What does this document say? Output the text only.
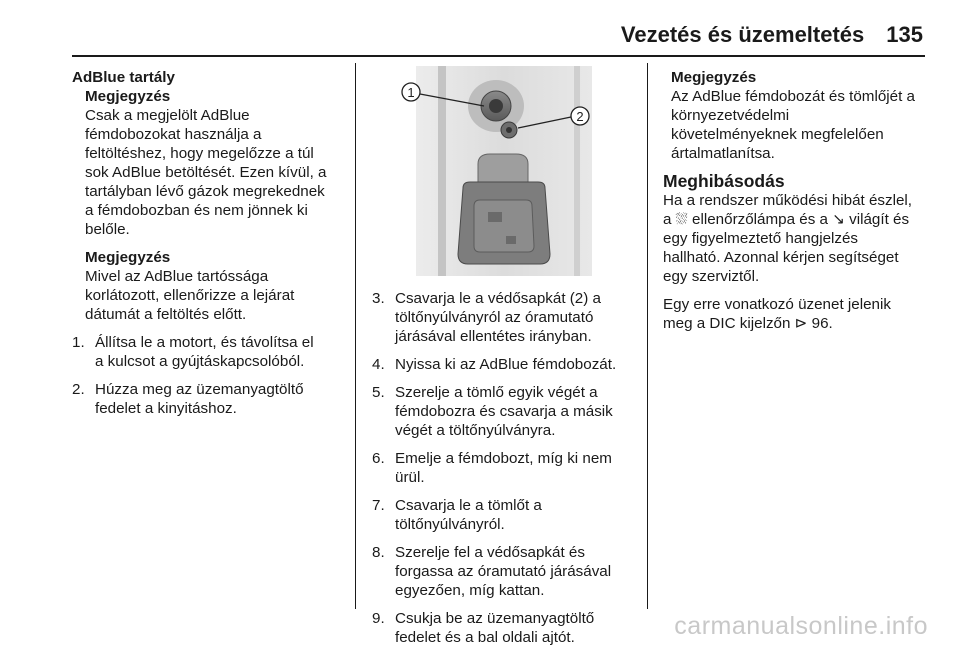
Vezetés és üzemeltetés 135

AdBlue tartály

Megjegyzés

Csak a megjelölt AdBlue

fémdobozokat használja a

feltöltéshez, hogy megelőzze a túl

sok AdBlue betöltését. Ezen kívül, a

tartályban lévő gázok megrekednek

a fémdobozban és nem jönnek ki

belőle.

Megjegyzés

Mivel az AdBlue tartóssága

korlátozott, ellenőrizze a lejárat

dátumát a feltöltés előtt.

1. Állítsa le a motort, és távolítsa el

a kulcsot a gyújtáskapcsolóból.

2. Húzza meg az üzemanyagtöltő

fedelet a kinyitáshoz.

1
2
3. Csavarja le a védősapkát (2) a

töltőnyúlványról az óramutató

járásával ellentétes irányban.

4. Nyissa ki az AdBlue fémdobozát.

5. Szerelje a tömlő egyik végét a

fémdobozra és csavarja a másik

végét a töltőnyúlványra.

6. Emelje a fémdobozt, míg ki nem

ürül.

7. Csavarja le a tömlőt a

töltőnyúlványról.

8. Szerelje fel a védősapkát és

forgassa az óramutató járásával

egyezően, míg kattan.

9. Csukja be az üzemanyagtöltő

fedelet és a bal oldali ajtót.

Megjegyzés

Az AdBlue fémdobozát és tömlőjét a

környezetvédelmi

követelményeknek megfelelően

ártalmatlanítsa.

Meghibásodás

Ha a rendszer működési hibát észlel,

a ⛆ ellenőrzőlámpa és a ↘ világít és

egy figyelmeztető hangjelzés

hallható. Azonnal kérjen segítséget

egy szerviztől.

Egy erre vonatkozó üzenet jelenik

meg a DIC kijelzőn ⊳ 96.

carmanualsonline.info
